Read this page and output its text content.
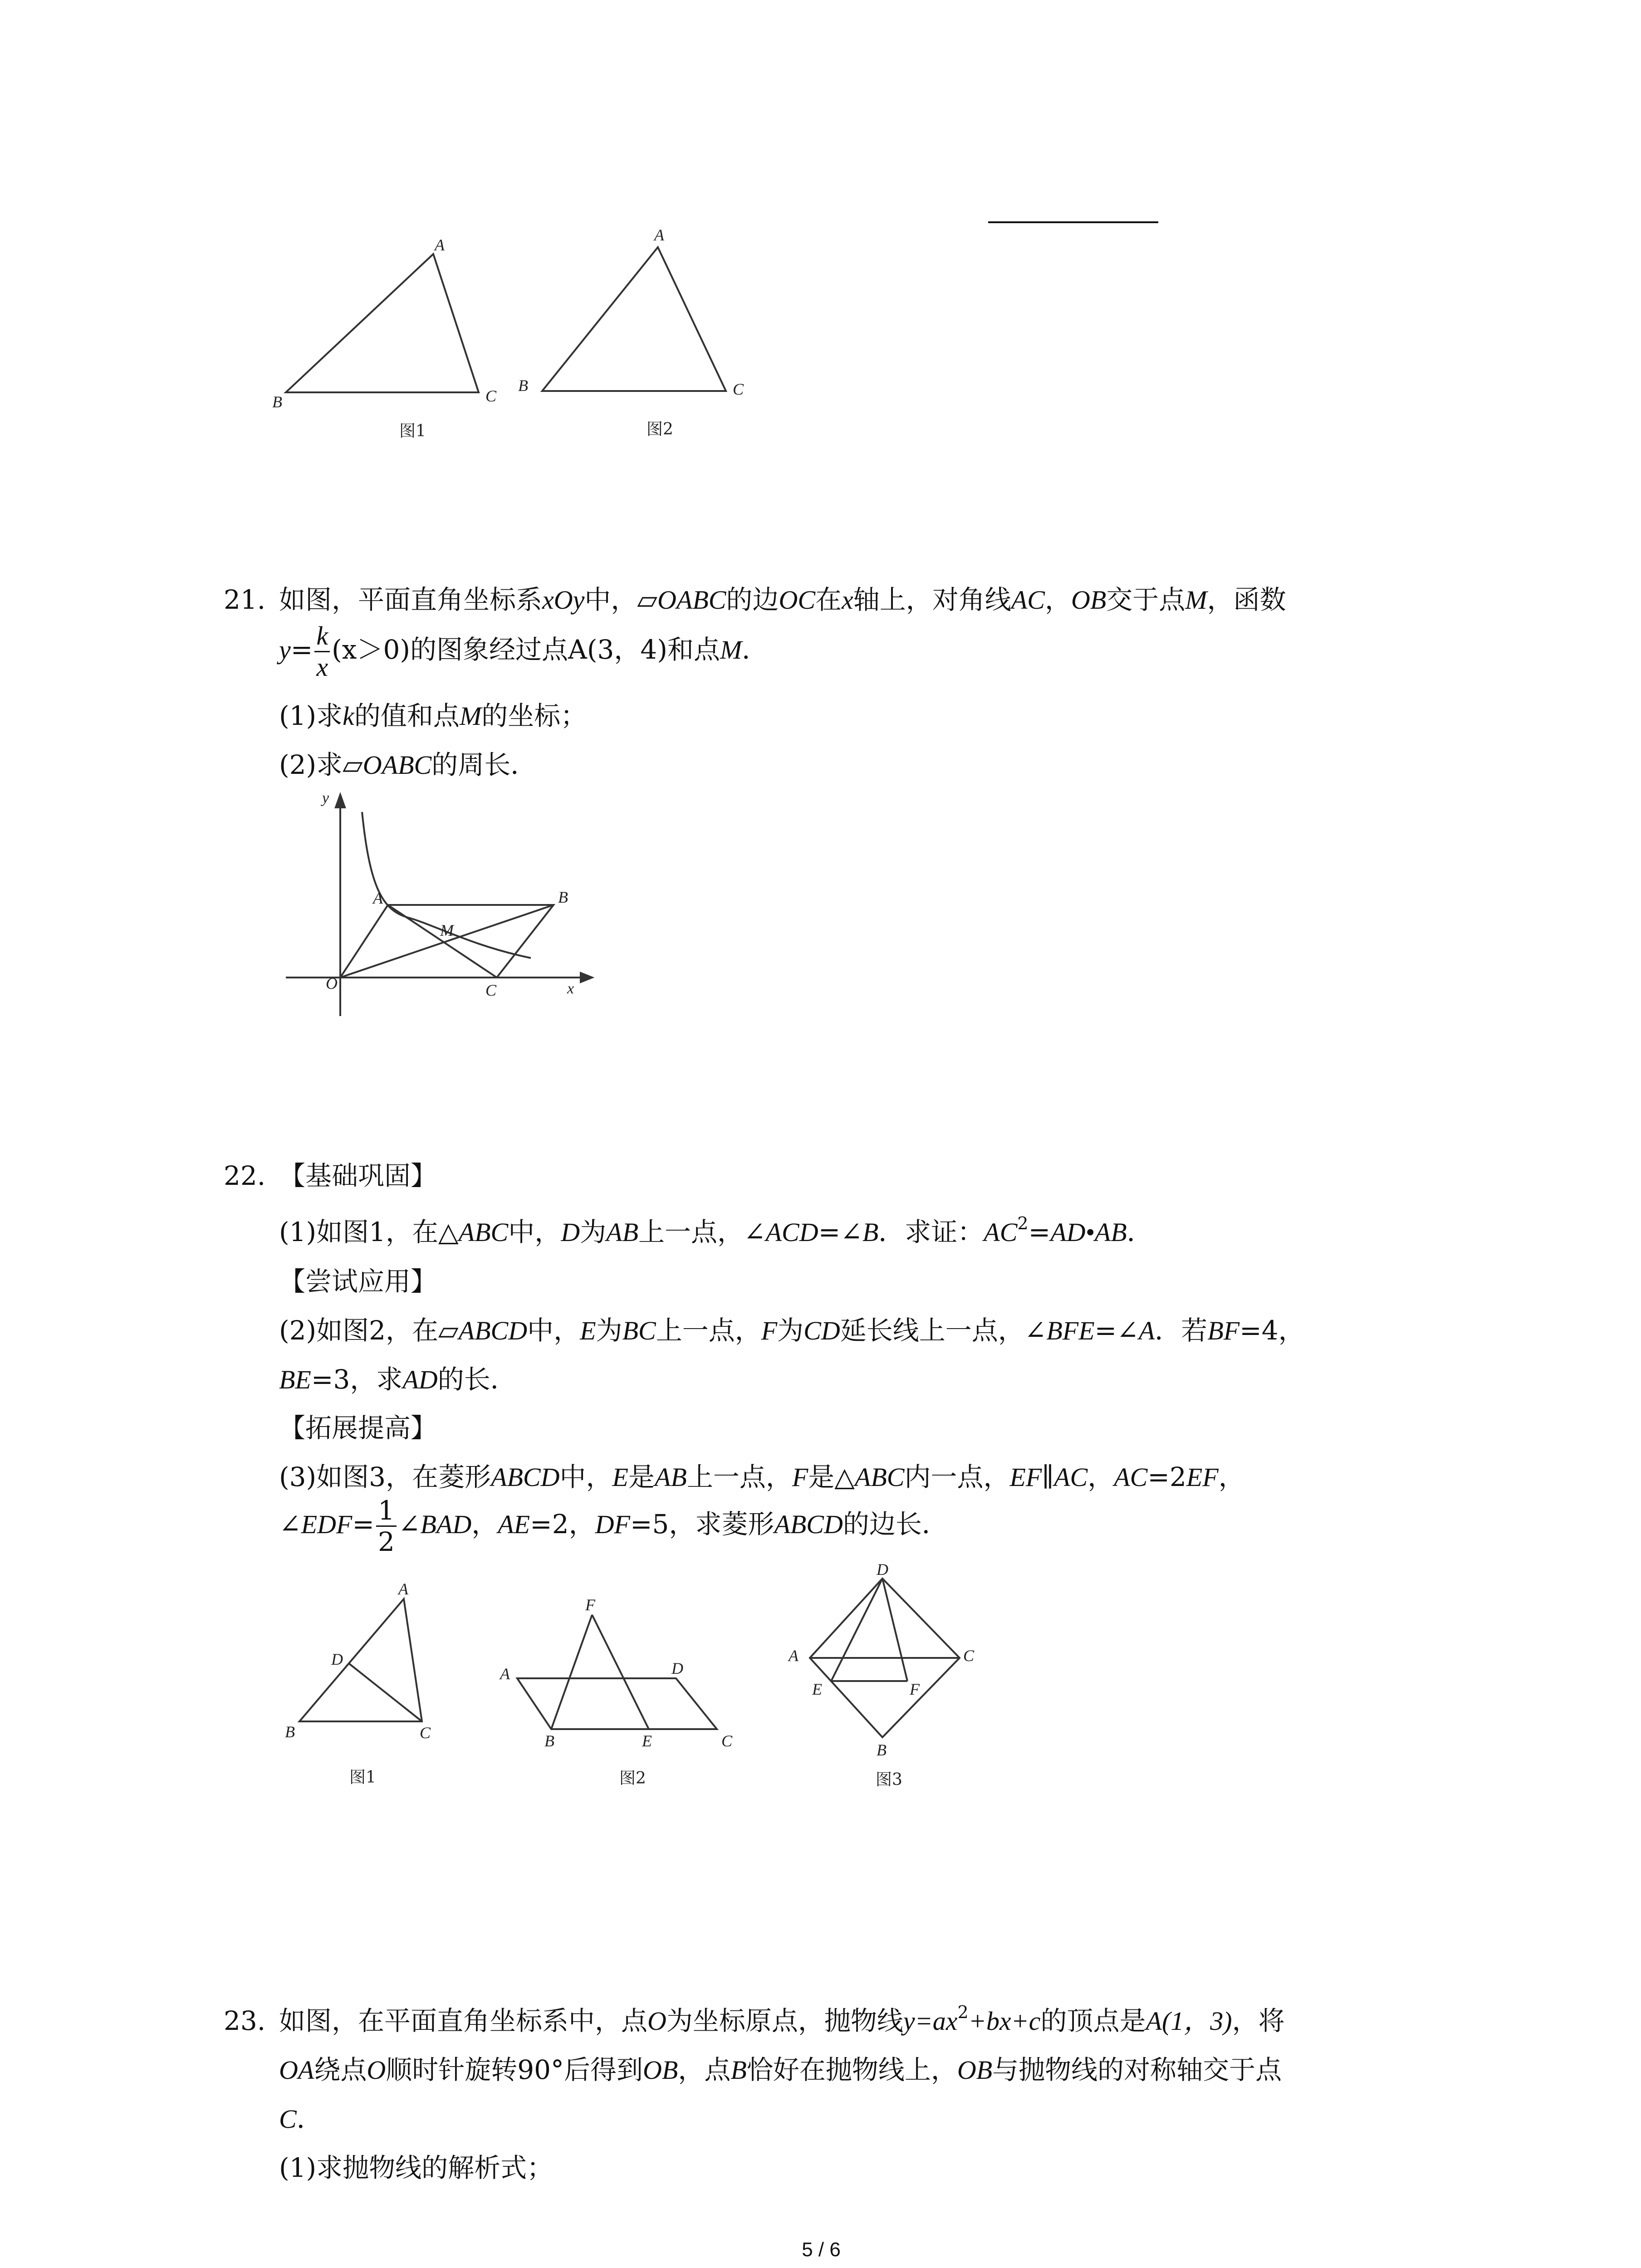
A
B	C
图1
A
B	C
图2
21. 如图，平面直角坐标系xOy中，▱OABC的边OC在x轴上，对角线AC，OB交于点M，函数
$y= \frac{k}{x} (x>0)$的图象经过点A(3，4)和点M．
(1)求k的值和点M的坐标；
(2)求▱OABC的周长．
y
x
O
A	B
C
M
22. 【基础巩固】
(1)如图1，在△ABC中，D为AB上一点，∠ACD=∠B．求证：$AC^2=AD•AB$．
【尝试应用】
(2)如图2，在▱ABCD中，E为BC上一点，F为CD延长线上一点，∠BFE=∠A．若BF=4，
BE=3，求AD的长．
【拓展提高】
(3)如图3，在菱形ABCD中，E是AB上一点，F是△ABC内一点，EF∥AC，AC=2EF，
∠EDF= $\frac{1}{2}$ ∠BAD，AE=2，DF=5，求菱形ABCD的边长．
A
B	C
D
图1
F
A	D
B	E	C
图2
D
A	C
E	F
B
图3
23. 如图，在平面直角坐标系中，点O为坐标原点，抛物线$y=ax^2+bx+c$的顶点是A(1，3)，将
OA绕点O顺时针旋转90°后得到OB，点B恰好在抛物线上，OB与抛物线的对称轴交于点
C．
(1)求抛物线的解析式；
5 / 6
